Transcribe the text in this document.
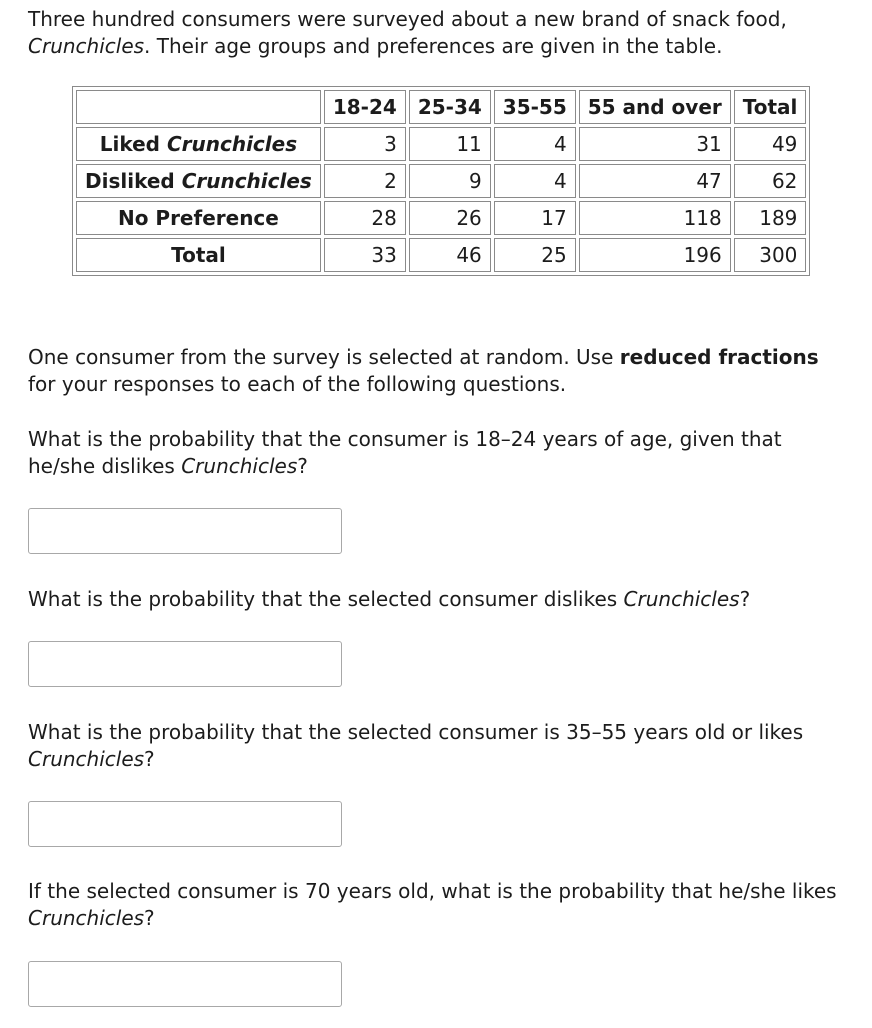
Three hundred consumers were surveyed about a new brand of snack food,
Crunchicles. Their age groups and preferences are given in the table.

	18-24	25-34	35-55	55 and over	Total
Liked Crunchicles	3	11	4	31	49
Disliked Crunchicles	2	9	4	47	62
No Preference	28	26	17	118	189
Total	33	46	25	196	300

One consumer from the survey is selected at random. Use reduced fractions for your responses to each of the following questions.

What is the probability that the consumer is 18–24 years of age, given that he/she dislikes Crunchicles?

What is the probability that the selected consumer dislikes Crunchicles?

What is the probability that the selected consumer is 35–55 years old or likes Crunchicles?

If the selected consumer is 70 years old, what is the probability that he/she likes Crunchicles?
